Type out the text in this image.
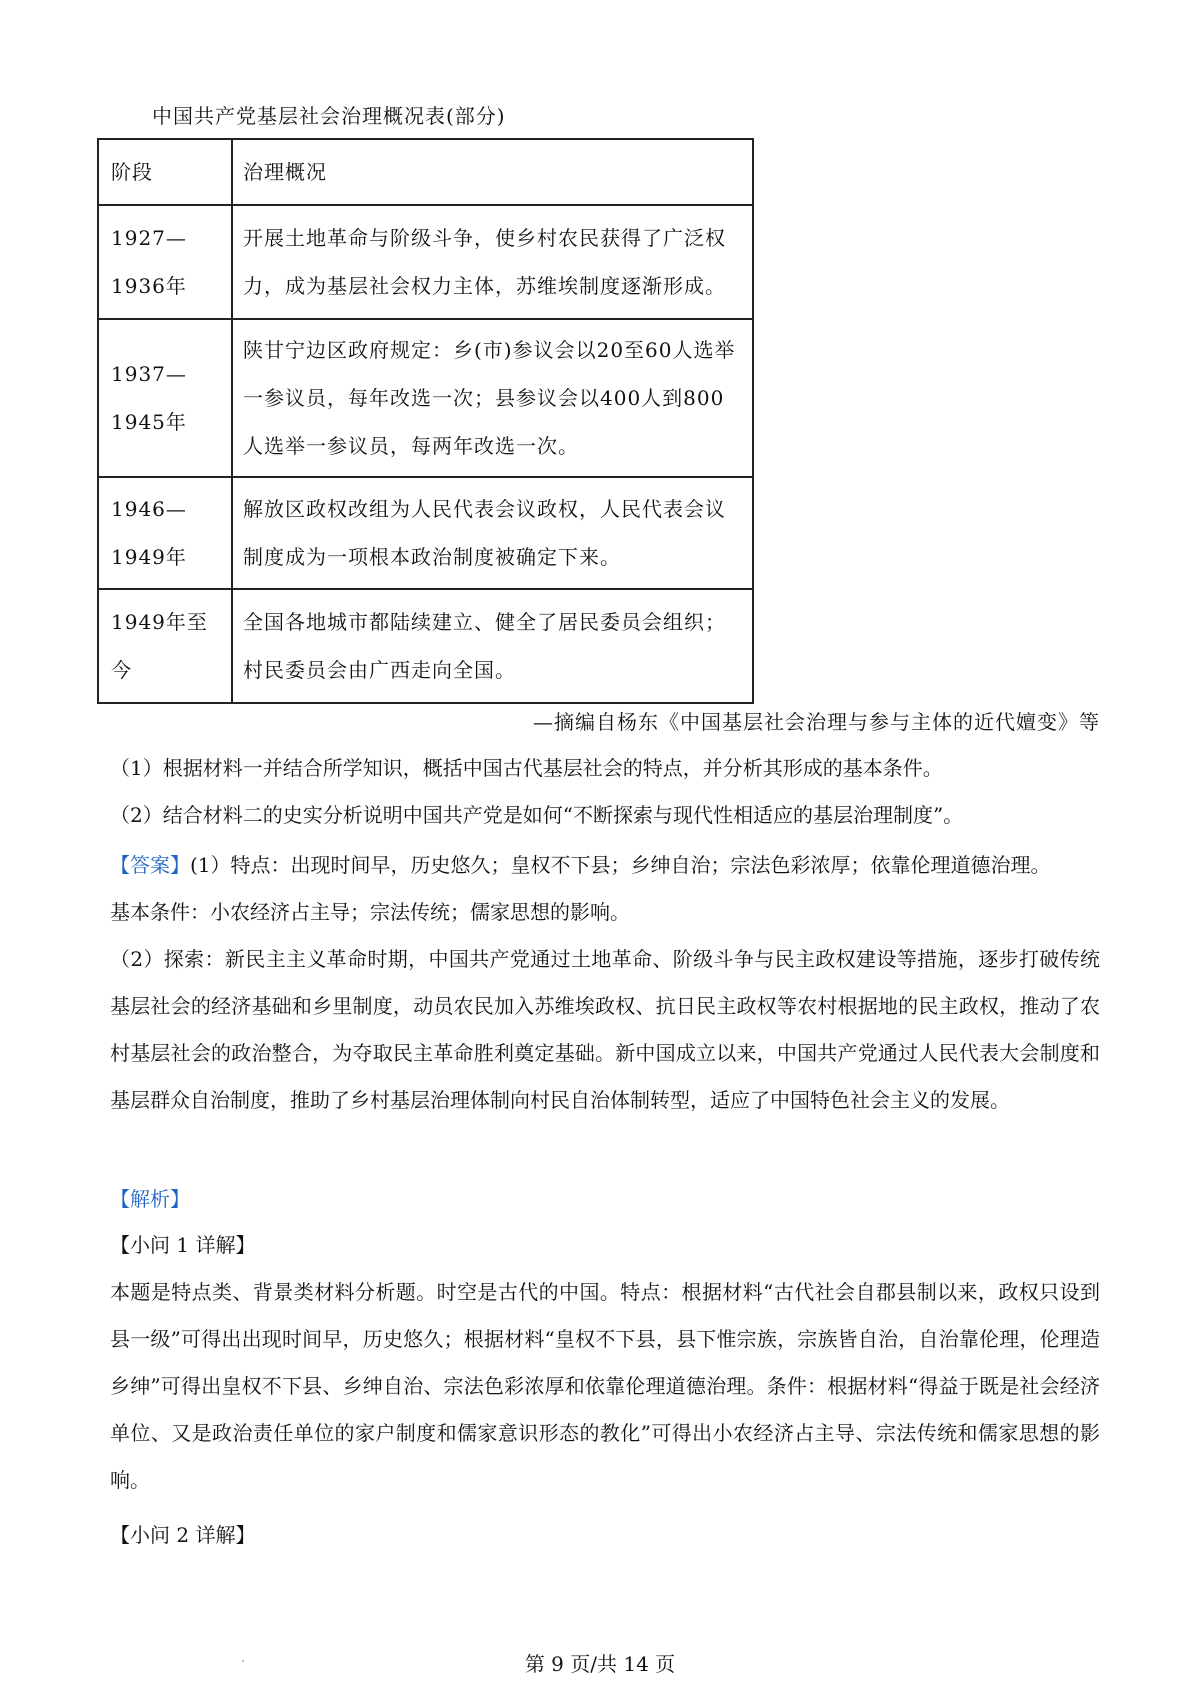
中国共产党基层社会治理概况表(部分)
阶段	治理概况
1927—1936年	开展土地革命与阶级斗争，使乡村农民获得了广泛权力，成为基层社会权力主体，苏维埃制度逐渐形成。
1937—1945年	陕甘宁边区政府规定：乡(市)参议会以20至60人选举一参议员，每年改选一次；县参议会以400人到800人选举一参议员，每两年改选一次。
1946—1949年	解放区政权改组为人民代表会议政权，人民代表会议制度成为一项根本政治制度被确定下来。
1949年至今	全国各地城市都陆续建立、健全了居民委员会组织；村民委员会由广西走向全国。
—摘编自杨东《中国基层社会治理与参与主体的近代嬗变》等
（1）根据材料一并结合所学知识，概括中国古代基层社会的特点，并分析其形成的基本条件。
（2）结合材料二的史实分析说明中国共产党是如何“不断探索与现代性相适应的基层治理制度”。
【答案】(1）特点：出现时间早，历史悠久；皇权不下县；乡绅自治；宗法色彩浓厚；依靠伦理道德治理。
基本条件：小农经济占主导；宗法传统；儒家思想的影响。
（2）探索：新民主主义革命时期，中国共产党通过土地革命、阶级斗争与民主政权建设等措施，逐步打破传统基层社会的经济基础和乡里制度，动员农民加入苏维埃政权、抗日民主政权等农村根据地的民主政权，推动了农村基层社会的政治整合，为夺取民主革命胜利奠定基础。新中国成立以来，中国共产党通过人民代表大会制度和基层群众自治制度，推助了乡村基层治理体制向村民自治体制转型，适应了中国特色社会主义的发展。
【解析】
【小问 1 详解】
本题是特点类、背景类材料分析题。时空是古代的中国。特点：根据材料“古代社会自郡县制以来，政权只设到县一级”可得出出现时间早，历史悠久；根据材料“皇权不下县，县下惟宗族，宗族皆自治，自治靠伦理，伦理造乡绅”可得出皇权不下县、乡绅自治、宗法色彩浓厚和依靠伦理道德治理。条件：根据材料“得益于既是社会经济单位、又是政治责任单位的家户制度和儒家意识形态的教化”可得出小农经济占主导、宗法传统和儒家思想的影响。
【小问 2 详解】
第 9 页/共 14 页
